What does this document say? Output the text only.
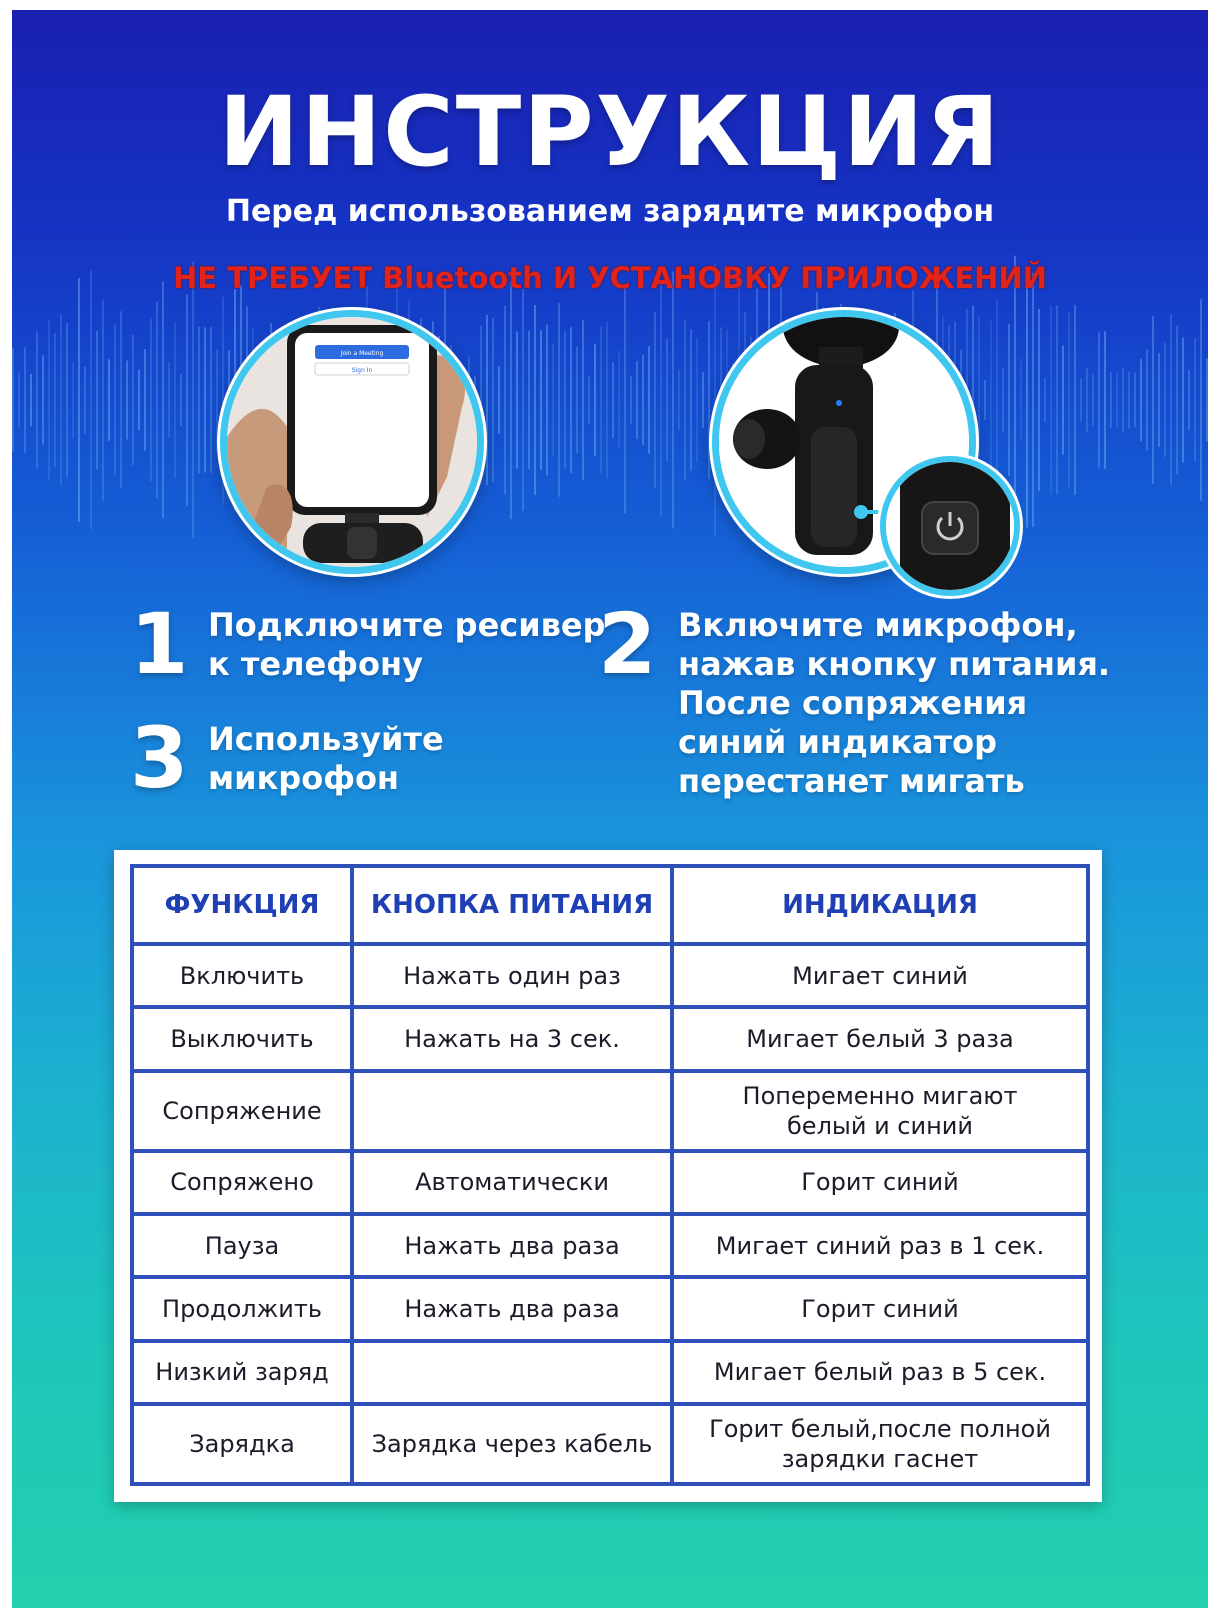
ИНСТРУКЦИЯ
Перед использованием зарядите микрофон
НЕ ТРЕБУЕТ Bluetooth И УСТАНОВКУ ПРИЛОЖЕНИЙ
Join a Meeting
Sign In
1 Подключите ресивер
к телефону	2 Включите микрофон,
нажав кнопку питания.
После сопряжения
синий индикатор
перестанет мигать
3 Используйте
микрофон
ФУНКЦИЯ	КНОПКА ПИТАНИЯ	ИНДИКАЦИЯ
Включить	Нажать один раз	Мигает синий

Выключить	Нажать на 3 сек.	Мигает белый 3 раза

Сопряжение		Попеременно мигают
белый и синий

Сопряжено	Автоматически	Горит синий

Пауза	Нажать два раза	Мигает синий раз в 1 сек.

Продолжить	Нажать два раза	Горит синий

Низкий заряд		Мигает белый раз в 5 сек.

Зарядка	Зарядка через кабель	Горит белый,после полной
зарядки гаснет
